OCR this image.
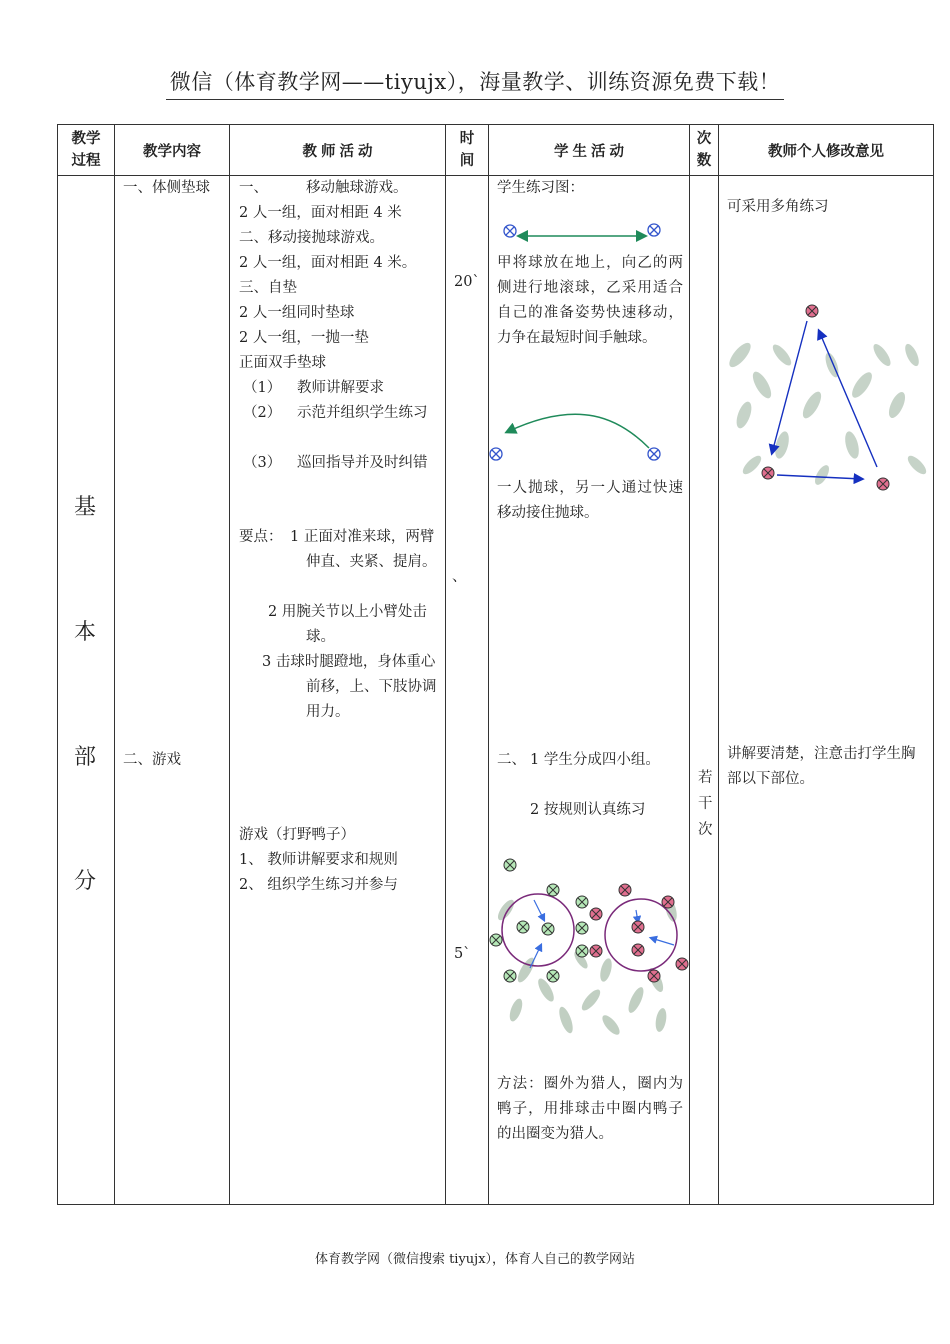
微信（体育教学网——tiyujx），海量教学、训练资源免费下载！
教学
过程
教学内容	教 师 活 动
时
间
学 生 活 动
次
数
教师个人修改意见
基
本
部
分
一、体侧垫球
二、游戏
一、	移动触球游戏。
2 人一组，面对相距 4 米
二、移动接抛球游戏。
2 人一组，面对相距 4 米。
三、自垫
2 人一组同时垫球
2 人一组，一抛一垫
正面双手垫球
（1） 教师讲解要求
（2） 示范并组织学生练习
（3） 巡回指导并及时纠错
要点： 1 正面对准来球，两臂伸直、夹紧、提肩。
2 用腕关节以上小臂处击球。
3 击球时腿蹬地，身体重心前移，上、下肢协调用力。
游戏（打野鸭子）
1、 教师讲解要求和规则
2、 组织学生练习并参与
20`
、
5`
学生练习图：
甲将球放在地上，向乙的两侧进行地滚球，乙采用适合自己的准备姿势快速移动，力争在最短时间手触球。
一人抛球，另一人通过快速移动接住抛球。
二、 1 学生分成四小组。
2 按规则认真练习
方法：圈外为猎人，圈内为鸭子，用排球击中圈内鸭子的出圈变为猎人。
若
干
次
可采用多角练习
讲解要清楚，注意击打学生胸部以下部位。
体育教学网（微信搜索 tiyujx），体育人自己的教学网站
